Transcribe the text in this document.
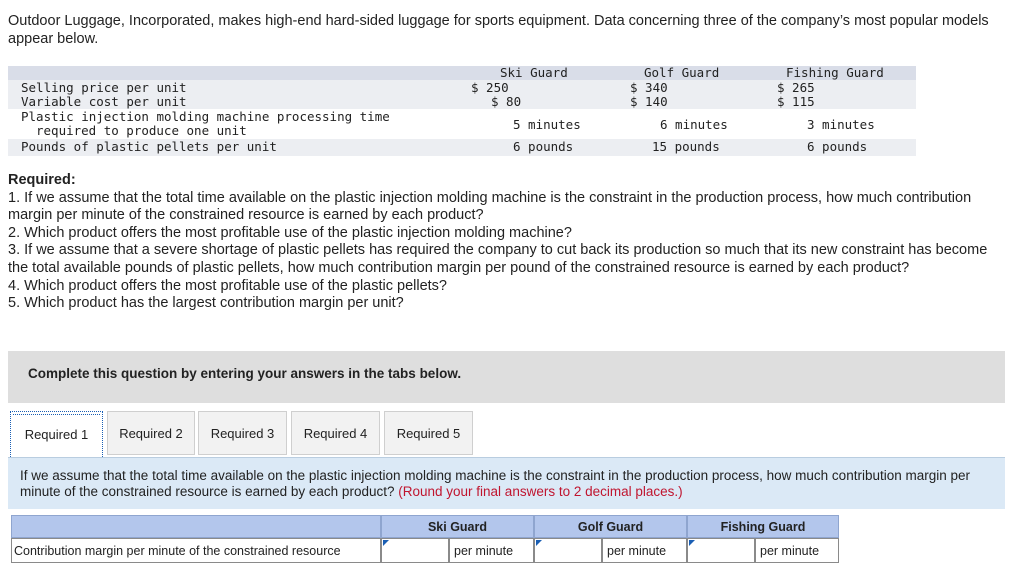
Outdoor Luggage, Incorporated, makes high-end hard-sided luggage for sports equipment. Data concerning three of the company’s most popular models appear below.
Ski Guard	Golf Guard	Fishing Guard
Selling price per unit	$ 250	$ 340	$ 265
Variable cost per unit	$ 80	$ 140	$ 115
Plastic injection molding machine processing time
required to produce one unit	5 minutes	6 minutes	3 minutes
Pounds of plastic pellets per unit	6 pounds	15 pounds	6 pounds

Required:

1. If we assume that the total time available on the plastic injection molding machine is the constraint in the production process, how much contribution margin per minute of the constrained resource is earned by each product?

2. Which product offers the most profitable use of the plastic injection molding machine?

3. If we assume that a severe shortage of plastic pellets has required the company to cut back its production so much that its new constraint has become the total available pounds of plastic pellets, how much contribution margin per pound of the constrained resource is earned by each product?

4. Which product offers the most profitable use of the plastic pellets?

5. Which product has the largest contribution margin per unit?

Complete this question by entering your answers in the tabs below.
Required 1	Required 2	Required 3	Required 4	Required 5
If we assume that the total time available on the plastic injection molding machine is the constraint in the production process, how much contribution margin per minute of the constrained resource is earned by each product? (Round your final answers to 2 decimal places.)
Ski Guard	Golf Guard	Fishing Guard
Contribution margin per minute of the constrained resource	per minute	per minute	per minute
